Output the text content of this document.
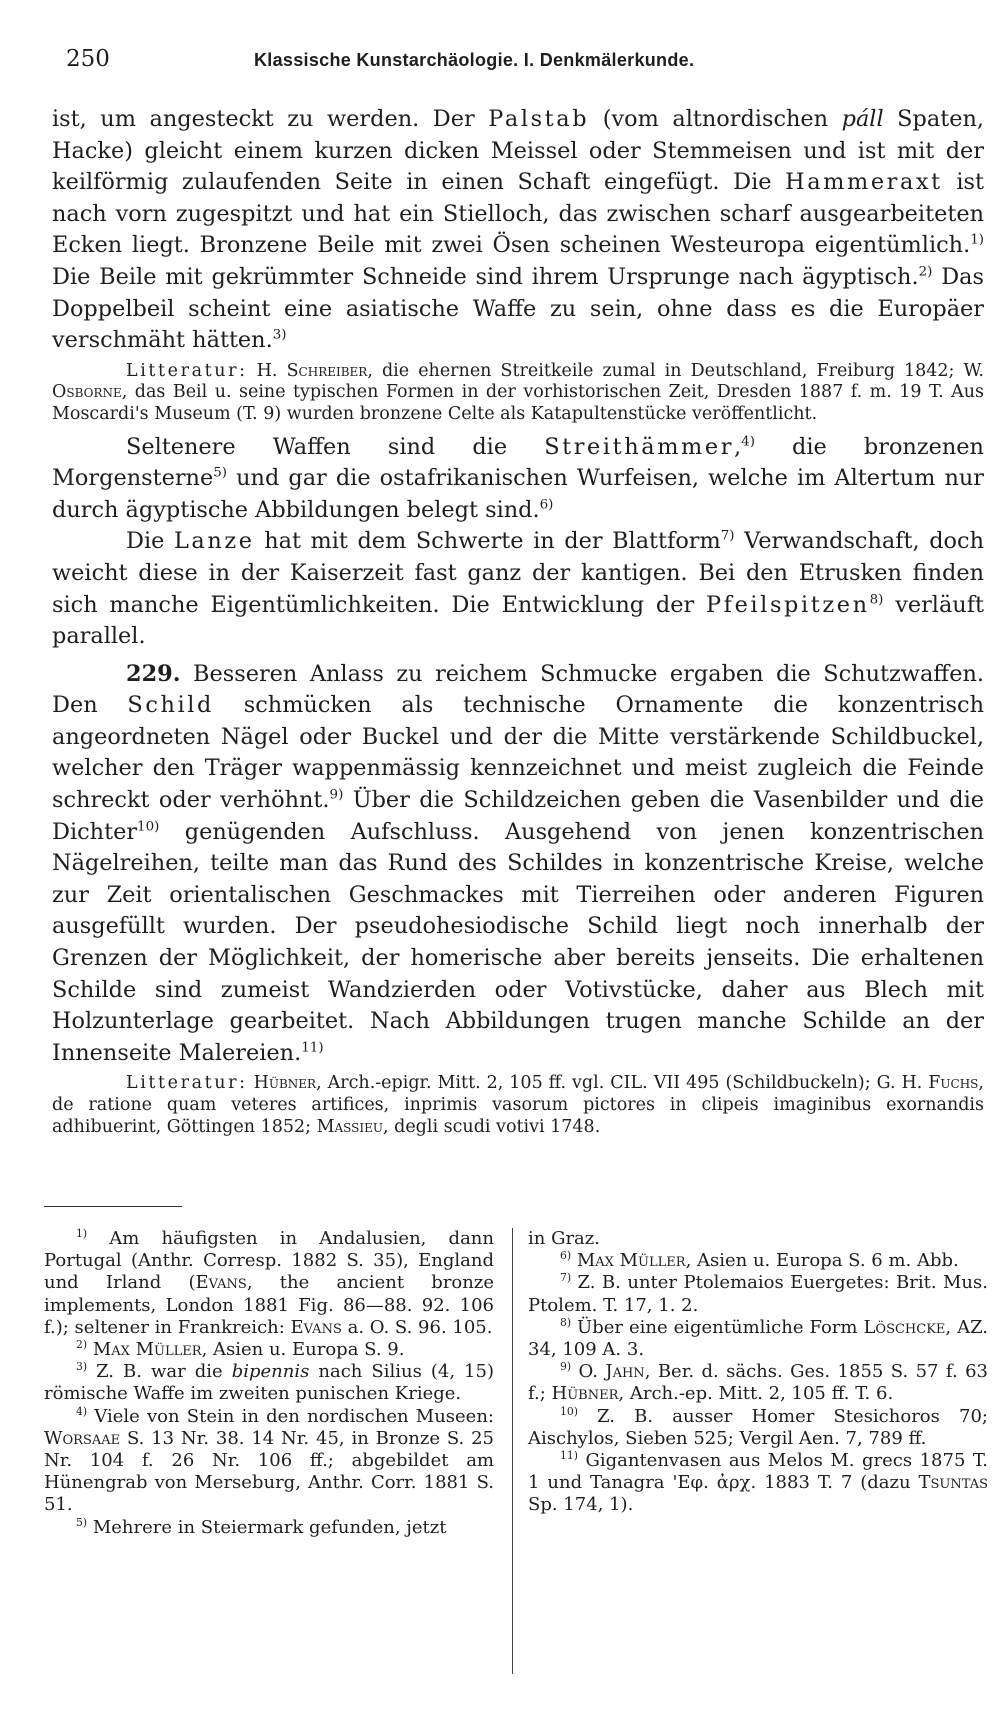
250	Klassische Kunstarchäologie. I. Denkmälerkunde.

ist, um angesteckt zu werden. Der Palstab (vom altnordischen páll Spaten, Hacke) gleicht einem kurzen dicken Meissel oder Stemmeisen und ist mit der keilförmig zulaufenden Seite in einen Schaft eingefügt. Die Hammeraxt ist nach vorn zugespitzt und hat ein Stielloch, das zwischen scharf ausgearbeiteten Ecken liegt. Bronzene Beile mit zwei Ösen scheinen Westeuropa eigentümlich.$^{1)}$ Die Beile mit gekrümmter Schneide sind ihrem Ursprunge nach ägyptisch.$^{2)}$ Das Doppelbeil scheint eine asiatische Waffe zu sein, ohne dass es die Europäer verschmäht hätten.$^{3)}$

Litteratur: H. Schreiber, die ehernen Streitkeile zumal in Deutschland, Freiburg 1842; W. Osborne, das Beil u. seine typischen Formen in der vorhistorischen Zeit, Dresden 1887 f. m. 19 T. Aus Moscardi's Museum (T. 9) wurden bronzene Celte als Katapultenstücke veröffentlicht.

Seltenere Waffen sind die Streithämmer,$^{4)}$ die bronzenen Morgensterne$^{5)}$ und gar die ostafrikanischen Wurfeisen, welche im Altertum nur durch ägyptische Abbildungen belegt sind.$^{6)}$

Die Lanze hat mit dem Schwerte in der Blattform$^{7)}$ Verwandschaft, doch weicht diese in der Kaiserzeit fast ganz der kantigen. Bei den Etrusken finden sich manche Eigentümlichkeiten. Die Entwicklung der Pfeilspitzen$^{8)}$ verläuft parallel.

229. Besseren Anlass zu reichem Schmucke ergaben die Schutzwaffen. Den Schild schmücken als technische Ornamente die konzentrisch angeordneten Nägel oder Buckel und der die Mitte verstärkende Schildbuckel, welcher den Träger wappenmässig kennzeichnet und meist zugleich die Feinde schreckt oder verhöhnt.$^{9)}$ Über die Schildzeichen geben die Vasenbilder und die Dichter$^{10)}$ genügenden Aufschluss. Ausgehend von jenen konzentrischen Nägelreihen, teilte man das Rund des Schildes in konzentrische Kreise, welche zur Zeit orientalischen Geschmackes mit Tierreihen oder anderen Figuren ausgefüllt wurden. Der pseudohesiodische Schild liegt noch innerhalb der Grenzen der Möglichkeit, der homerische aber bereits jenseits. Die erhaltenen Schilde sind zumeist Wandzierden oder Votivstücke, daher aus Blech mit Holzunterlage gearbeitet. Nach Abbildungen trugen manche Schilde an der Innenseite Malereien.$^{11)}$

Litteratur: Hübner, Arch.-epigr. Mitt. 2, 105 ff. vgl. CIL. VII 495 (Schildbuckeln); G. H. Fuchs, de ratione quam veteres artifices, inprimis vasorum pictores in clipeis imaginibus exornandis adhibuerint, Göttingen 1852; Massieu, degli scudi votivi 1748.

$^{1)}$ Am häufigsten in Andalusien, dann Portugal (Anthr. Corresp. 1882 S. 35), England und Irland (Evans, the ancient bronze implements, London 1881 Fig. 86—88. 92. 106 f.); seltener in Frankreich: Evans a. O. S. 96. 105.

$^{2)}$ Max Müller, Asien u. Europa S. 9.

$^{3)}$ Z. B. war die bipennis nach Silius (4, 15) römische Waffe im zweiten punischen Kriege.

$^{4)}$ Viele von Stein in den nordischen Museen: Worsaae S. 13 Nr. 38. 14 Nr. 45, in Bronze S. 25 Nr. 104 f. 26 Nr. 106 ff.; abgebildet am Hünengrab von Merseburg, Anthr. Corr. 1881 S. 51.

$^{5)}$ Mehrere in Steiermark gefunden, jetzt

in Graz.

$^{6)}$ Max Müller, Asien u. Europa S. 6 m. Abb.

$^{7)}$ Z. B. unter Ptolemaios Euergetes: Brit. Mus. Ptolem. T. 17, 1. 2.

$^{8)}$ Über eine eigentümliche Form Löschcke, AZ. 34, 109 A. 3.

$^{9)}$ O. Jahn, Ber. d. sächs. Ges. 1855 S. 57 f. 63 f.; Hübner, Arch.-ep. Mitt. 2, 105 ff. T. 6.

$^{10)}$ Z. B. ausser Homer Stesichoros 70; Aischylos, Sieben 525; Vergil Aen. 7, 789 ff.

$^{11)}$ Gigantenvasen aus Melos M. grecs 1875 T. 1 und Tanagra 'Εφ. ἀρχ. 1883 T. 7 (dazu Tsuntas Sp. 174, 1).
